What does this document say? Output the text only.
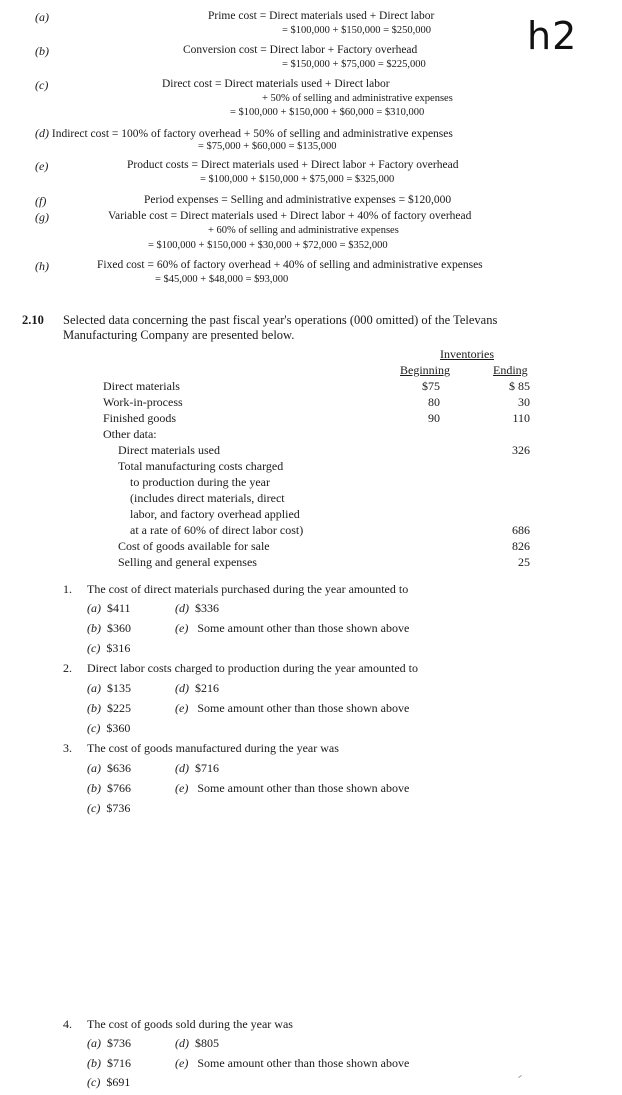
h2
(a)	Prime cost = Direct materials used + Direct labor
= $100,000 + $150,000 = $250,000
(b)	Conversion cost = Direct labor + Factory overhead
= $150,000 + $75,000 = $225,000
(c)	Direct cost = Direct materials used + Direct labor
+ 50% of selling and administrative expenses
= $100,000 + $150,000 + $60,000 = $310,000
(d) Indirect cost = 100% of factory overhead + 50% of selling and administrative expenses
= $75,000 + $60,000 = $135,000
(e)	Product costs = Direct materials used + Direct labor + Factory overhead
= $100,000 + $150,000 + $75,000 = $325,000
(f)	Period expenses = Selling and administrative expenses = $120,000
(g)	Variable cost = Direct materials used + Direct labor + 40% of factory overhead
+ 60% of selling and administrative expenses
= $100,000 + $150,000 + $30,000 + $72,000 = $352,000
(h)	Fixed cost = 60% of factory overhead + 40% of selling and administrative expenses
= $45,000 + $48,000 = $93,000
2.10 Selected data concerning the past fiscal year's operations (000 omitted) of the Televans
Manufacturing Company are presented below.
Inventories
Beginning	Ending
Direct materials	$75	$ 85
Work-in-process	80	30
Finished goods	90	110
Other data:
Direct materials used	326
Total manufacturing costs charged
to production during the year
(includes direct materials, direct
labor, and factory overhead applied
at a rate of 60% of direct labor cost)	686
Cost of goods available for sale	826
Selling and general expenses	25
1. The cost of direct materials purchased during the year amounted to
(a) $411	(d) $336
(b) $360	(e) Some amount other than those shown above
(c) $316
2. Direct labor costs charged to production during the year amounted to
(a) $135	(d) $216
(b) $225	(e) Some amount other than those shown above
(c) $360
3. The cost of goods manufactured during the year was
(a) $636	(d) $716
(b) $766	(e) Some amount other than those shown above
(c) $736
4. The cost of goods sold during the year was
(a) $736	(d) $805
(b) $716	(e) Some amount other than those shown above
(c) $691
